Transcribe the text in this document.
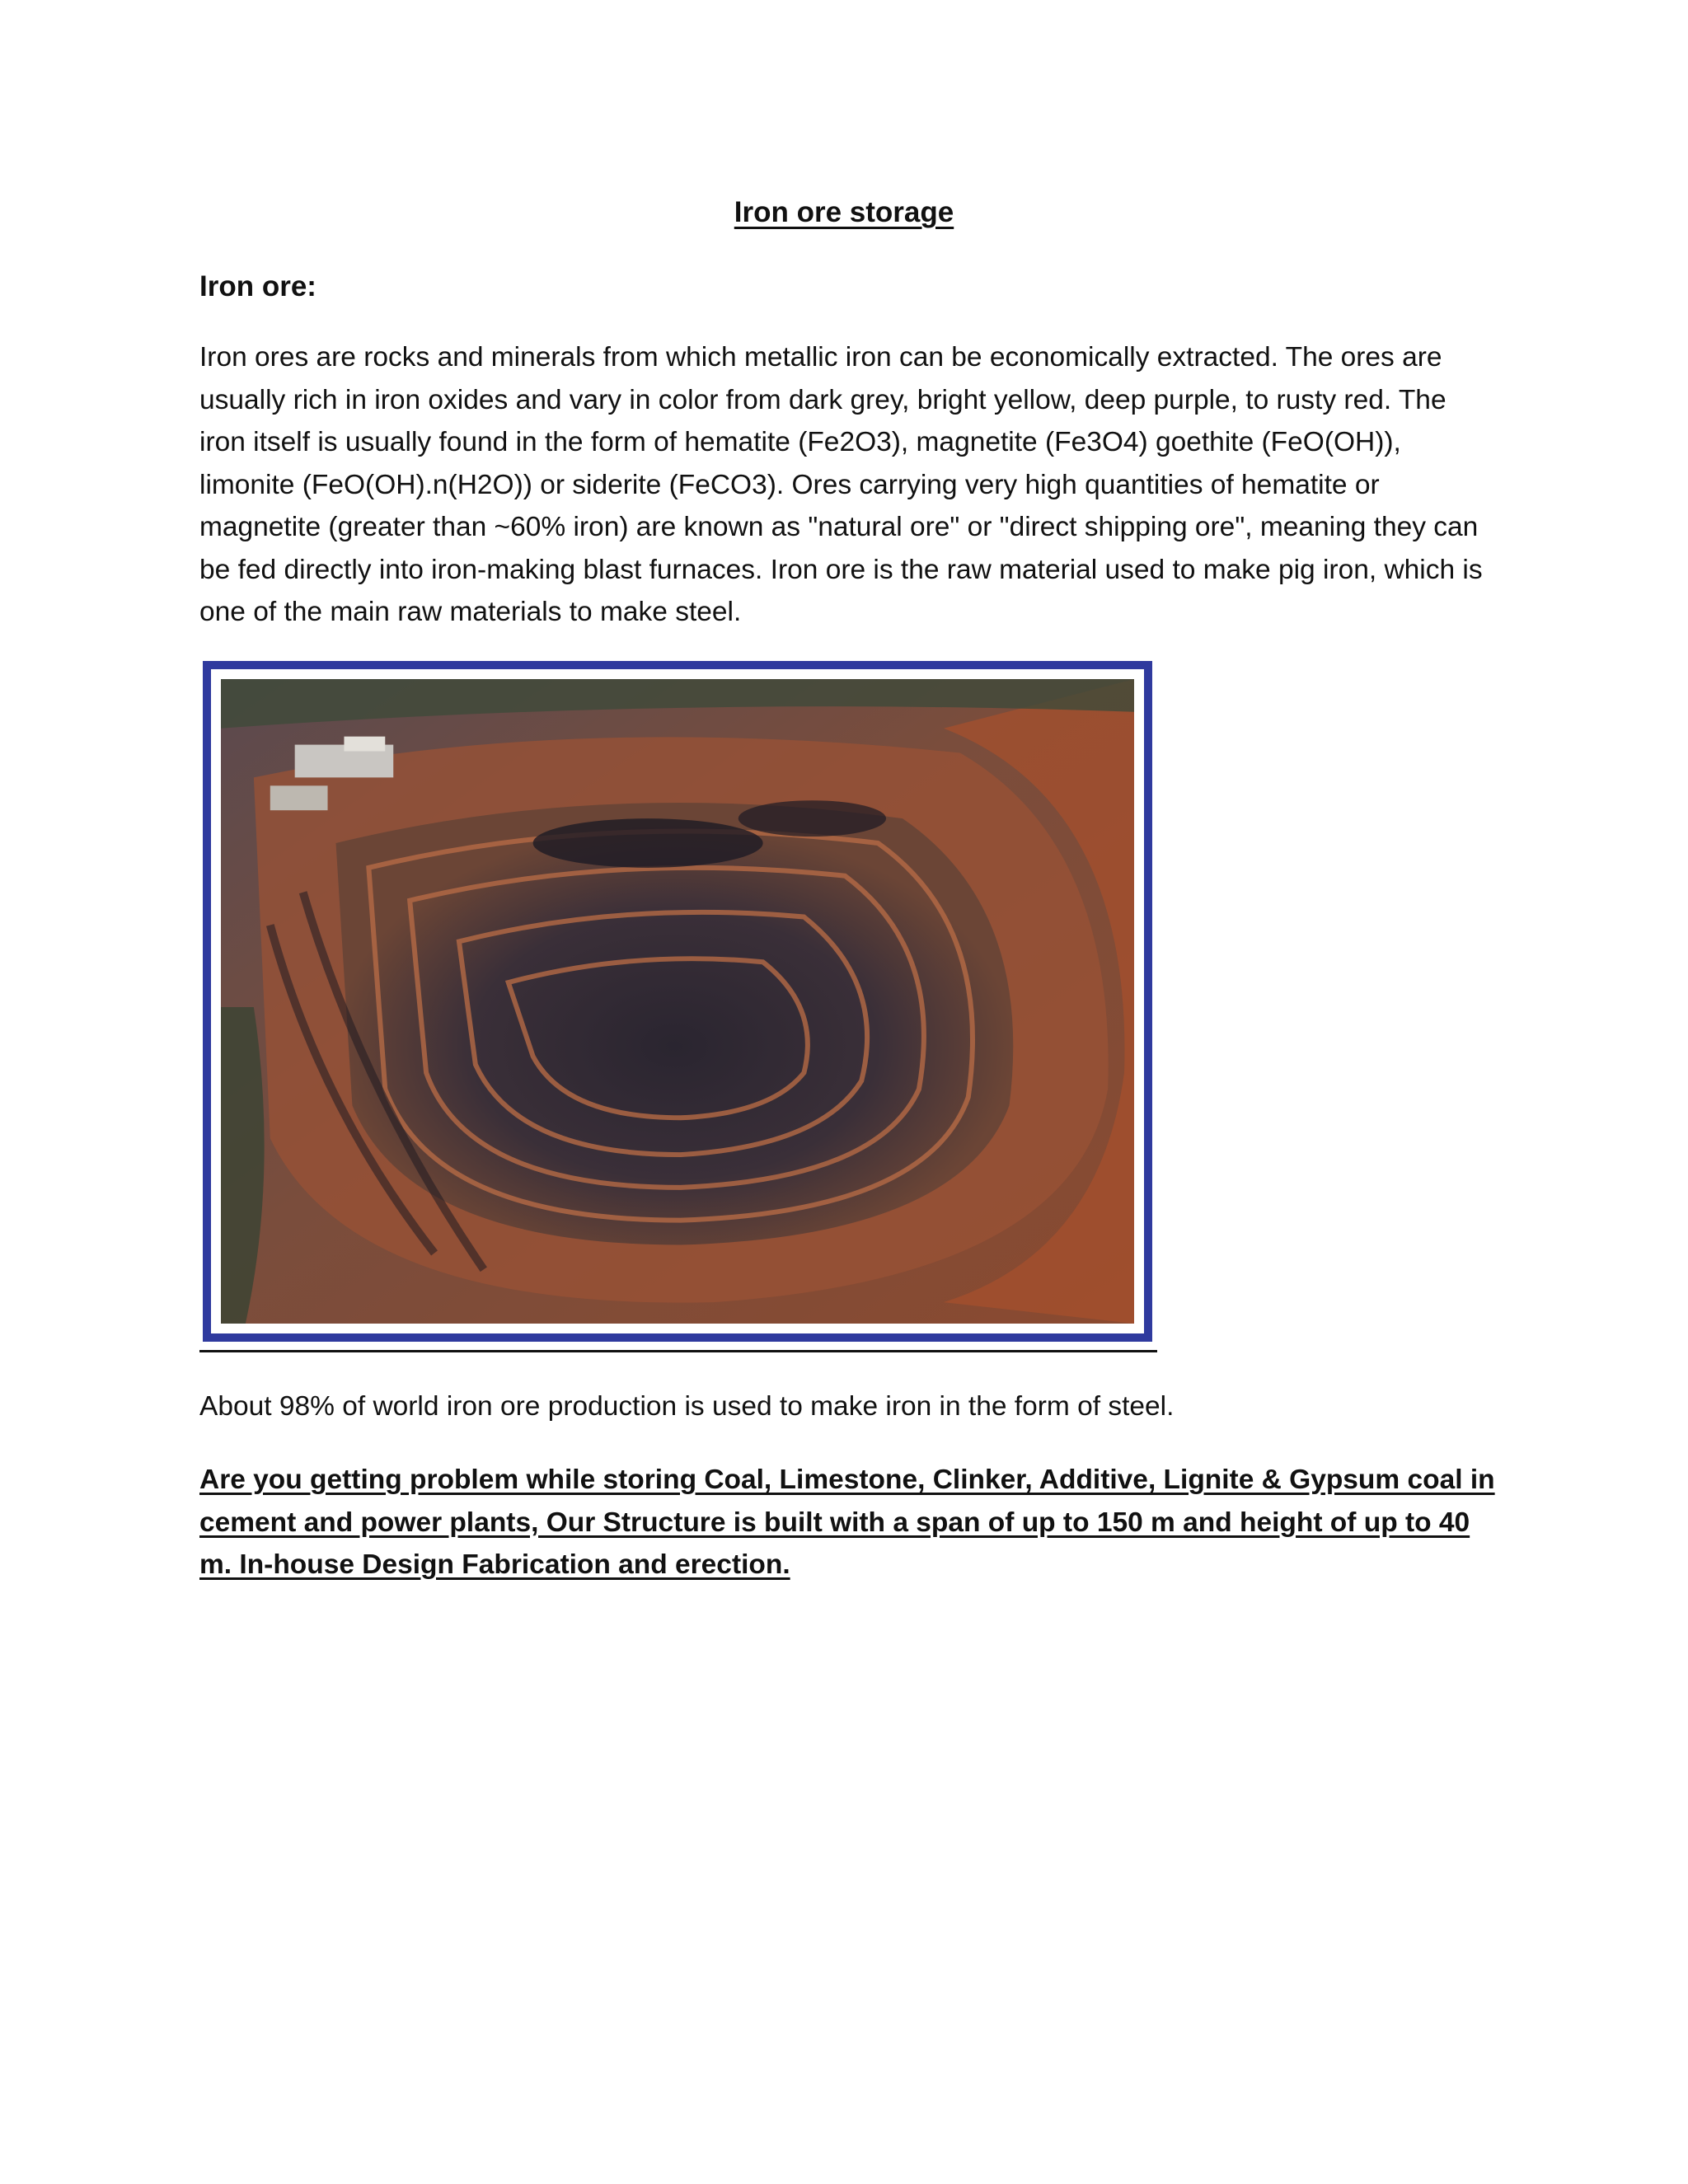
Iron ore storage
Iron ore:

Iron ores are rocks and minerals from which metallic iron can be economically extracted. The ores are usually rich in iron oxides and vary in color from dark grey, bright yellow, deep purple, to rusty red. The iron itself is usually found in the form of hematite (Fe2O3), magnetite (Fe3O4) goethite (FeO(OH)), limonite (FeO(OH).n(H2O)) or siderite (FeCO3). Ores carrying very high quantities of hematite or magnetite (greater than ~60% iron) are known as "natural ore" or "direct shipping ore", meaning they can be fed directly into iron-making blast furnaces. Iron ore is the raw material used to make pig iron, which is one of the main raw materials to make steel.

About 98% of world iron ore production is used to make iron in the form of steel.

Are you getting problem while storing Coal, Limestone, Clinker, Additive, Lignite & Gypsum coal in cement and power plants, Our Structure is built with a span of up to 150 m and height of up to 40 m. In-house Design Fabrication and erection.
